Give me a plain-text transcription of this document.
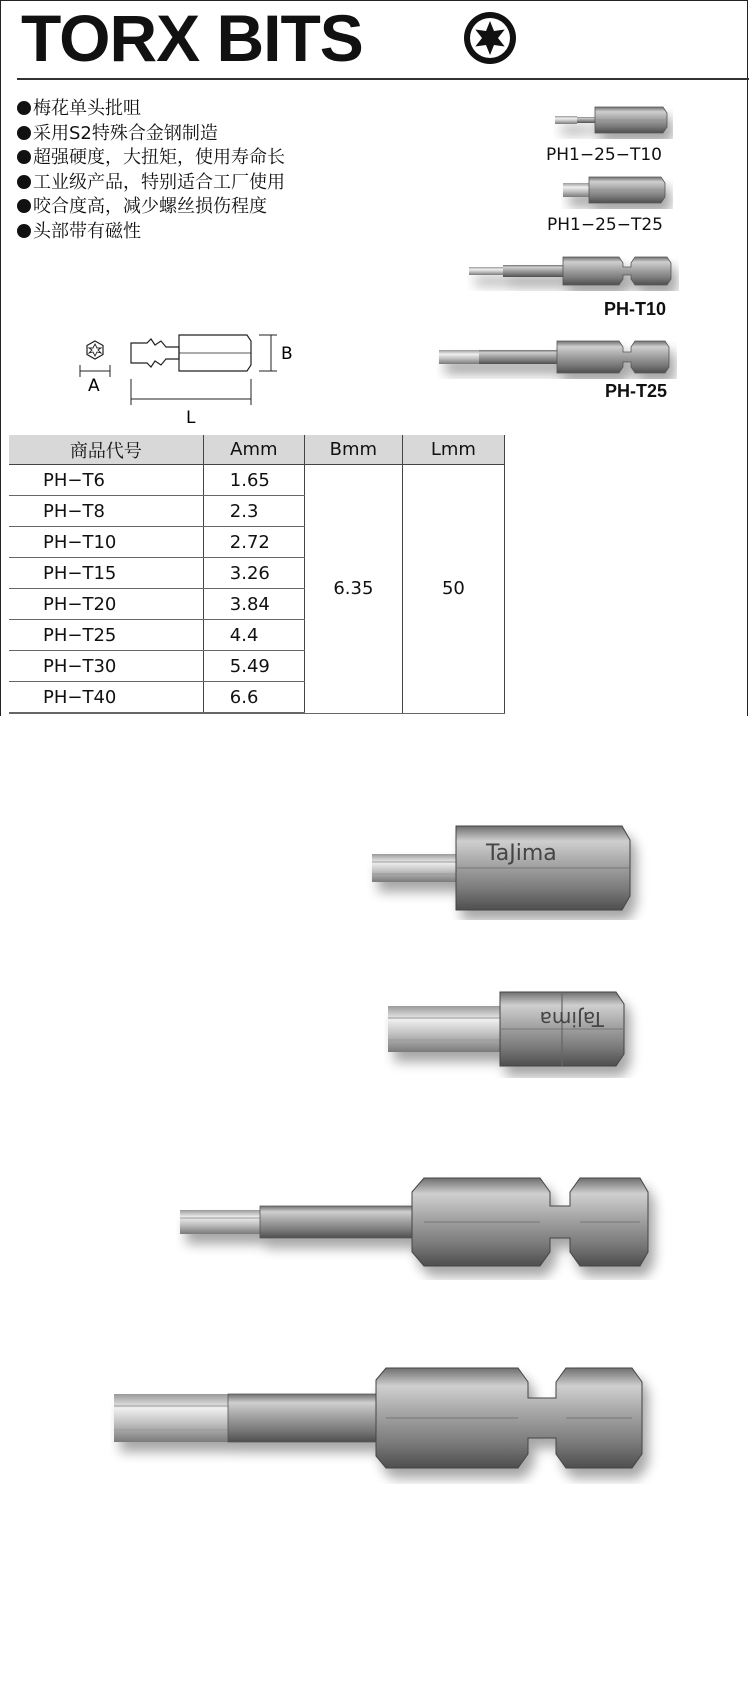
TORX BITS
梅花单头批咀
采用S2特殊合金钢制造
超强硬度，大扭矩，使用寿命长
工业级产品，特别适合工厂使用
咬合度高，减少螺丝损伤程度
头部带有磁性
PH1−25−T10
PH1−25−T25
PH-T10
PH-T25
A
B
L
商品代号	Amm	Bmm	Lmm
PH−T6	1.65	6.35	50
PH−T8	2.3		
PH−T10	2.72		
PH−T15	3.26		
PH−T20	3.84		
PH−T25	4.4		
PH−T30	5.49		
PH−T40	6.6		
TaJima
TaJima
